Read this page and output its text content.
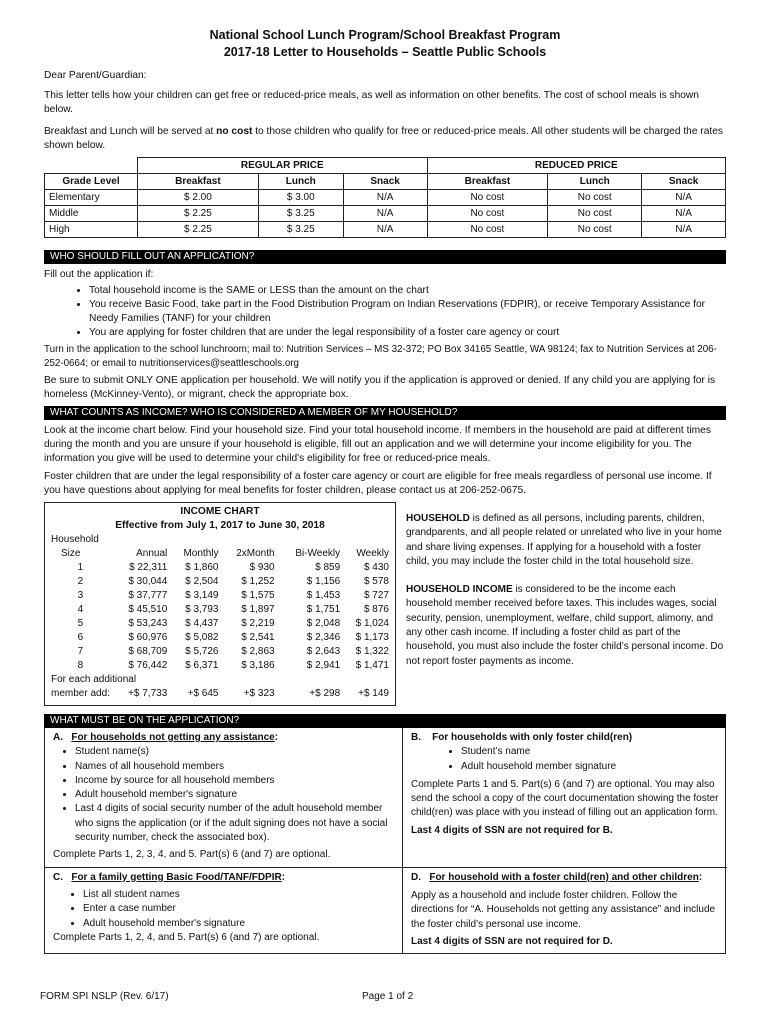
National School Lunch Program/School Breakfast Program
2017-18 Letter to Households – Seattle Public Schools

Dear Parent/Guardian:

This letter tells how your children can get free or reduced-price meals, as well as information on other benefits. The cost of school meals is shown below.

Breakfast and Lunch will be served at no cost to those children who qualify for free or reduced-price meals. All other students will be charged the rates shown below.

	REGULAR PRICE			REDUCED PRICE		
Grade Level	Breakfast	Lunch	Snack	Breakfast	Lunch	Snack
Elementary	$ 2.00	$ 3.00	N/A	No cost	No cost	N/A
Middle	$ 2.25	$ 3.25	N/A	No cost	No cost	N/A
High	$ 2.25	$ 3.25	N/A	No cost	No cost	N/A
WHO SHOULD FILL OUT AN APPLICATION?

Fill out the application if:

• Total household income is the SAME or LESS than the amount on the chart
• You receive Basic Food, take part in the Food Distribution Program on Indian Reservations (FDPIR), or receive Temporary Assistance for Needy Families (TANF) for your children
• You are applying for foster children that are under the legal responsibility of a foster care agency or court

Turn in the application to the school lunchroom; mail to: Nutrition Services – MS 32-372; PO Box 34165 Seattle, WA 98124; fax to Nutrition Services at 206-252-0664; or email to nutritionservices@seattleschools.org

Be sure to submit ONLY ONE application per household. We will notify you if the application is approved or denied. If any child you are applying for is homeless (McKinney-Vento), or migrant, check the appropriate box.

WHAT COUNTS AS INCOME? WHO IS CONSIDERED A MEMBER OF MY HOUSEHOLD?

Look at the income chart below. Find your household size. Find your total household income. If members in the household are paid at different times during the month and you are unsure if your household is eligible, fill out an application and we will determine your income eligibility for you. The information you give will be used to determine your child's eligibility for free or reduced-price meals.

Foster children that are under the legal responsibility of a foster care agency or court are eligible for free meals regardless of personal use income. If you have questions about applying for meal benefits for foster children, please contact us at 206-252-0675.

INCOME CHART
Effective from July 1, 2017 to June 30, 2018
Household					
Size	Annual	Monthly	2xMonth	Bi-Weekly	Weekly
1	$ 22,311	$ 1,860	$ 930	$ 859	$ 430
2	$ 30,044	$ 2,504	$ 1,252	$ 1,156	$ 578
3	$ 37,777	$ 3,149	$ 1,575	$ 1,453	$ 727
4	$ 45,510	$ 3,793	$ 1,897	$ 1,751	$ 876
5	$ 53,243	$ 4,437	$ 2,219	$ 2,048	$ 1,024
6	$ 60,976	$ 5,082	$ 2,541	$ 2,346	$ 1,173
7	$ 68,709	$ 5,726	$ 2,863	$ 2,643	$ 1,322
8	$ 76,442	$ 6,371	$ 3,186	$ 2,941	$ 1,471
For each additional					
member add:	+$ 7,733	+$ 645	+$ 323	+$ 298	+$ 149

HOUSEHOLD is defined as all persons, including parents, children, grandparents, and all people related or unrelated who live in your home and share living expenses. If applying for a household with a foster child, you may include the foster child in the total household size.

HOUSEHOLD INCOME is considered to be the income each household member received before taxes. This includes wages, social security, pension, unemployment, welfare, child support, alimony, and any other cash income. If including a foster child as part of the household, you must also include the foster child’s personal income. Do not report foster payments as income.

WHAT MUST BE ON THE APPLICATION?
A. For households not getting any assistance:
• Student name(s)
• Names of all household members
• Income by source for all household members
• Adult household member's signature
• Last 4 digits of social security number of the adult household member who signs the application (or if the adult signing does not have a social security number, check the associated box).

Complete Parts 1, 2, 3, 4, and 5. Part(s) 6 (and 7) are optional.

B. For households with only foster child(ren)
• Student’s name
• Adult household member signature

Complete Parts 1 and 5. Part(s) 6 (and 7) are optional. You may also send the school a copy of the court documentation showing the foster child(ren) was place with you instead of filling out an application form.

Last 4 digits of SSN are not required for B.

C. For a family getting Basic Food/TANF/FDPIR:
• List all student names
• Enter a case number
• Adult household member's signature

Complete Parts 1, 2, 4, and 5. Part(s) 6 (and 7) are optional.

D. For household with a foster child(ren) and other children:

Apply as a household and include foster children. Follow the directions for “A. Households not getting any assistance” and include the foster child’s personal use income.

Last 4 digits of SSN are not required for D.

FORM SPI NSLP (Rev. 6/17)	Page 1 of 2
